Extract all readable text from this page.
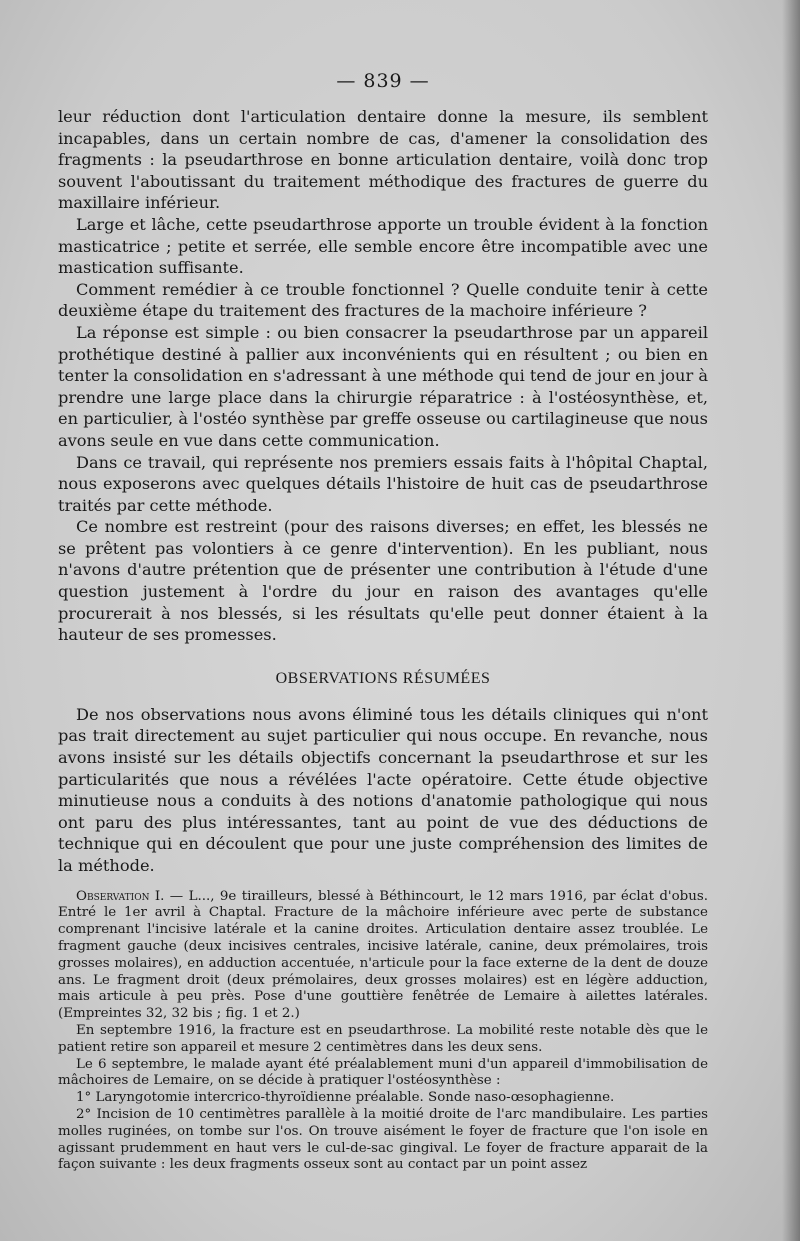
— 839 —

leur réduction dont l'articulation dentaire donne la mesure, ils semblent incapables, dans un certain nombre de cas, d'amener la consolidation des fragments : la pseudarthrose en bonne articulation dentaire, voilà donc trop souvent l'aboutissant du traitement méthodique des fractures de guerre du maxillaire inférieur.

Large et lâche, cette pseudarthrose apporte un trouble évident à la fonction masticatrice ; petite et serrée, elle semble encore être incompatible avec une mastication suffisante.

Comment remédier à ce trouble fonctionnel ? Quelle conduite tenir à cette deuxième étape du traitement des fractures de la machoire inférieure ?

La réponse est simple : ou bien consacrer la pseudarthrose par un appareil prothétique destiné à pallier aux inconvénients qui en résultent ; ou bien en tenter la consolidation en s'adressant à une méthode qui tend de jour en jour à prendre une large place dans la chirurgie réparatrice : à l'ostéosynthèse, et, en particulier, à l'ostéo synthèse par greffe osseuse ou cartilagineuse que nous avons seule en vue dans cette communication.

Dans ce travail, qui représente nos premiers essais faits à l'hôpital Chaptal, nous exposerons avec quelques détails l'histoire de huit cas de pseudarthrose traités par cette méthode.

Ce nombre est restreint (pour des raisons diverses; en effet, les blessés ne se prêtent pas volontiers à ce genre d'intervention). En les publiant, nous n'avons d'autre prétention que de présenter une contribution à l'étude d'une question justement à l'ordre du jour en raison des avantages qu'elle procurerait à nos blessés, si les résultats qu'elle peut donner étaient à la hauteur de ses promesses.

OBSERVATIONS RÉSUMÉES

De nos observations nous avons éliminé tous les détails cliniques qui n'ont pas trait directement au sujet particulier qui nous occupe. En revanche, nous avons insisté sur les détails objectifs concernant la pseudarthrose et sur les particularités que nous a révélées l'acte opératoire. Cette étude objective minutieuse nous a conduits à des notions d'anatomie pathologique qui nous ont paru des plus intéressantes, tant au point de vue des déductions de technique qui en découlent que pour une juste compréhension des limites de la méthode.

Observation I. — L..., 9e tirailleurs, blessé à Béthincourt, le 12 mars 1916, par éclat d'obus. Entré le 1er avril à Chaptal. Fracture de la mâchoire inférieure avec perte de substance comprenant l'incisive latérale et la canine droites. Articulation dentaire assez troublée. Le fragment gauche (deux incisives centrales, incisive latérale, canine, deux prémolaires, trois grosses molaires), en adduction accentuée, n'articule pour la face externe de la dent de douze ans. Le fragment droit (deux prémolaires, deux grosses molaires) est en légère adduction, mais articule à peu près. Pose d'une gouttière fenêtrée de Lemaire à ailettes latérales. (Empreintes 32, 32 bis ; fig. 1 et 2.)

En septembre 1916, la fracture est en pseudarthrose. La mobilité reste notable dès que le patient retire son appareil et mesure 2 centimètres dans les deux sens.

Le 6 septembre, le malade ayant été préalablement muni d'un appareil d'immobilisation de mâchoires de Lemaire, on se décide à pratiquer l'ostéosynthèse :

1° Laryngotomie intercrico-thyroïdienne préalable. Sonde naso-œsophagienne.

2° Incision de 10 centimètres parallèle à la moitié droite de l'arc mandibulaire. Les parties molles ruginées, on tombe sur l'os. On trouve aisément le foyer de fracture que l'on isole en agissant prudemment en haut vers le cul-de-sac gingival. Le foyer de fracture apparait de la façon suivante : les deux fragments osseux sont au contact par un point assez
